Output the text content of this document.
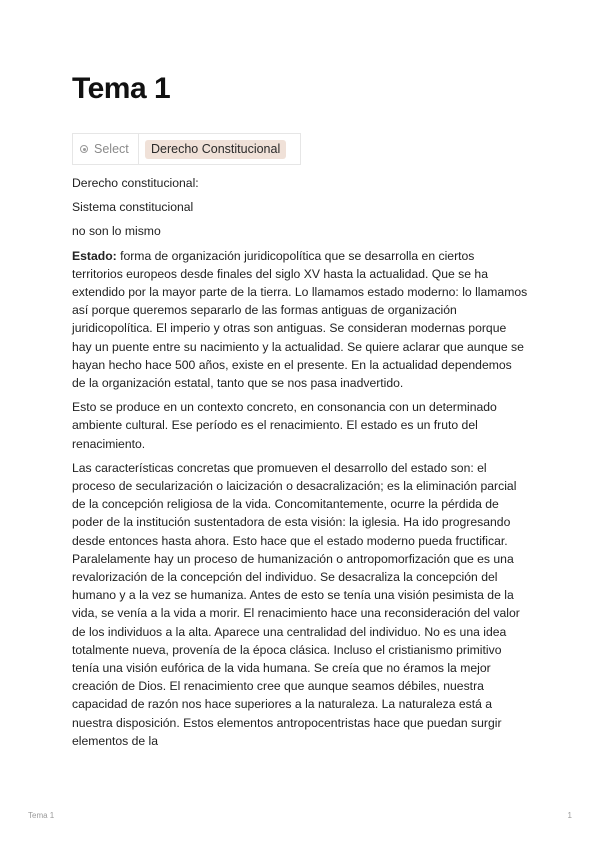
Tema 1
Select	Derecho Constitucional

Derecho constitucional:

Sistema constitucional

no son lo mismo

Estado: forma de organización juridicopolítica que se desarrolla en ciertos territorios europeos desde finales del siglo XV hasta la actualidad. Que se ha extendido por la mayor parte de la tierra. Lo llamamos estado moderno: lo llamamos así porque queremos separarlo de las formas antiguas de organización juridicopolítica. El imperio y otras son antiguas. Se consideran modernas porque hay un puente entre su nacimiento y la actualidad. Se quiere aclarar que aunque se hayan hecho hace 500 años, existe en el presente. En la actualidad dependemos de la organización estatal, tanto que se nos pasa inadvertido.

Esto se produce en un contexto concreto, en consonancia con un determinado ambiente cultural. Ese período es el renacimiento. El estado es un fruto del renacimiento.

Las características concretas que promueven el desarrollo del estado son: el proceso de secularización o laicización o desacralización; es la eliminación parcial de la concepción religiosa de la vida. Concomitantemente, ocurre la pérdida de poder de la institución sustentadora de esta visión: la iglesia. Ha ido progresando desde entonces hasta ahora. Esto hace que el estado moderno pueda fructificar. Paralelamente hay un proceso de humanización o antropomorfización que es una revalorización de la concepción del individuo. Se desacraliza la concepción del humano y a la vez se humaniza. Antes de esto se tenía una visión pesimista de la vida, se venía a la vida a morir. El renacimiento hace una reconsideración del valor de los individuos a la alta. Aparece una centralidad del individuo. No es una idea totalmente nueva, provenía de la época clásica. Incluso el cristianismo primitivo tenía una visión eufórica de la vida humana. Se creía que no éramos la mejor creación de Dios. El renacimiento cree que aunque seamos débiles, nuestra capacidad de razón nos hace superiores a la naturaleza. La naturaleza está a nuestra disposición. Estos elementos antropocentristas hace que puedan surgir elementos de la

Tema 1	1
